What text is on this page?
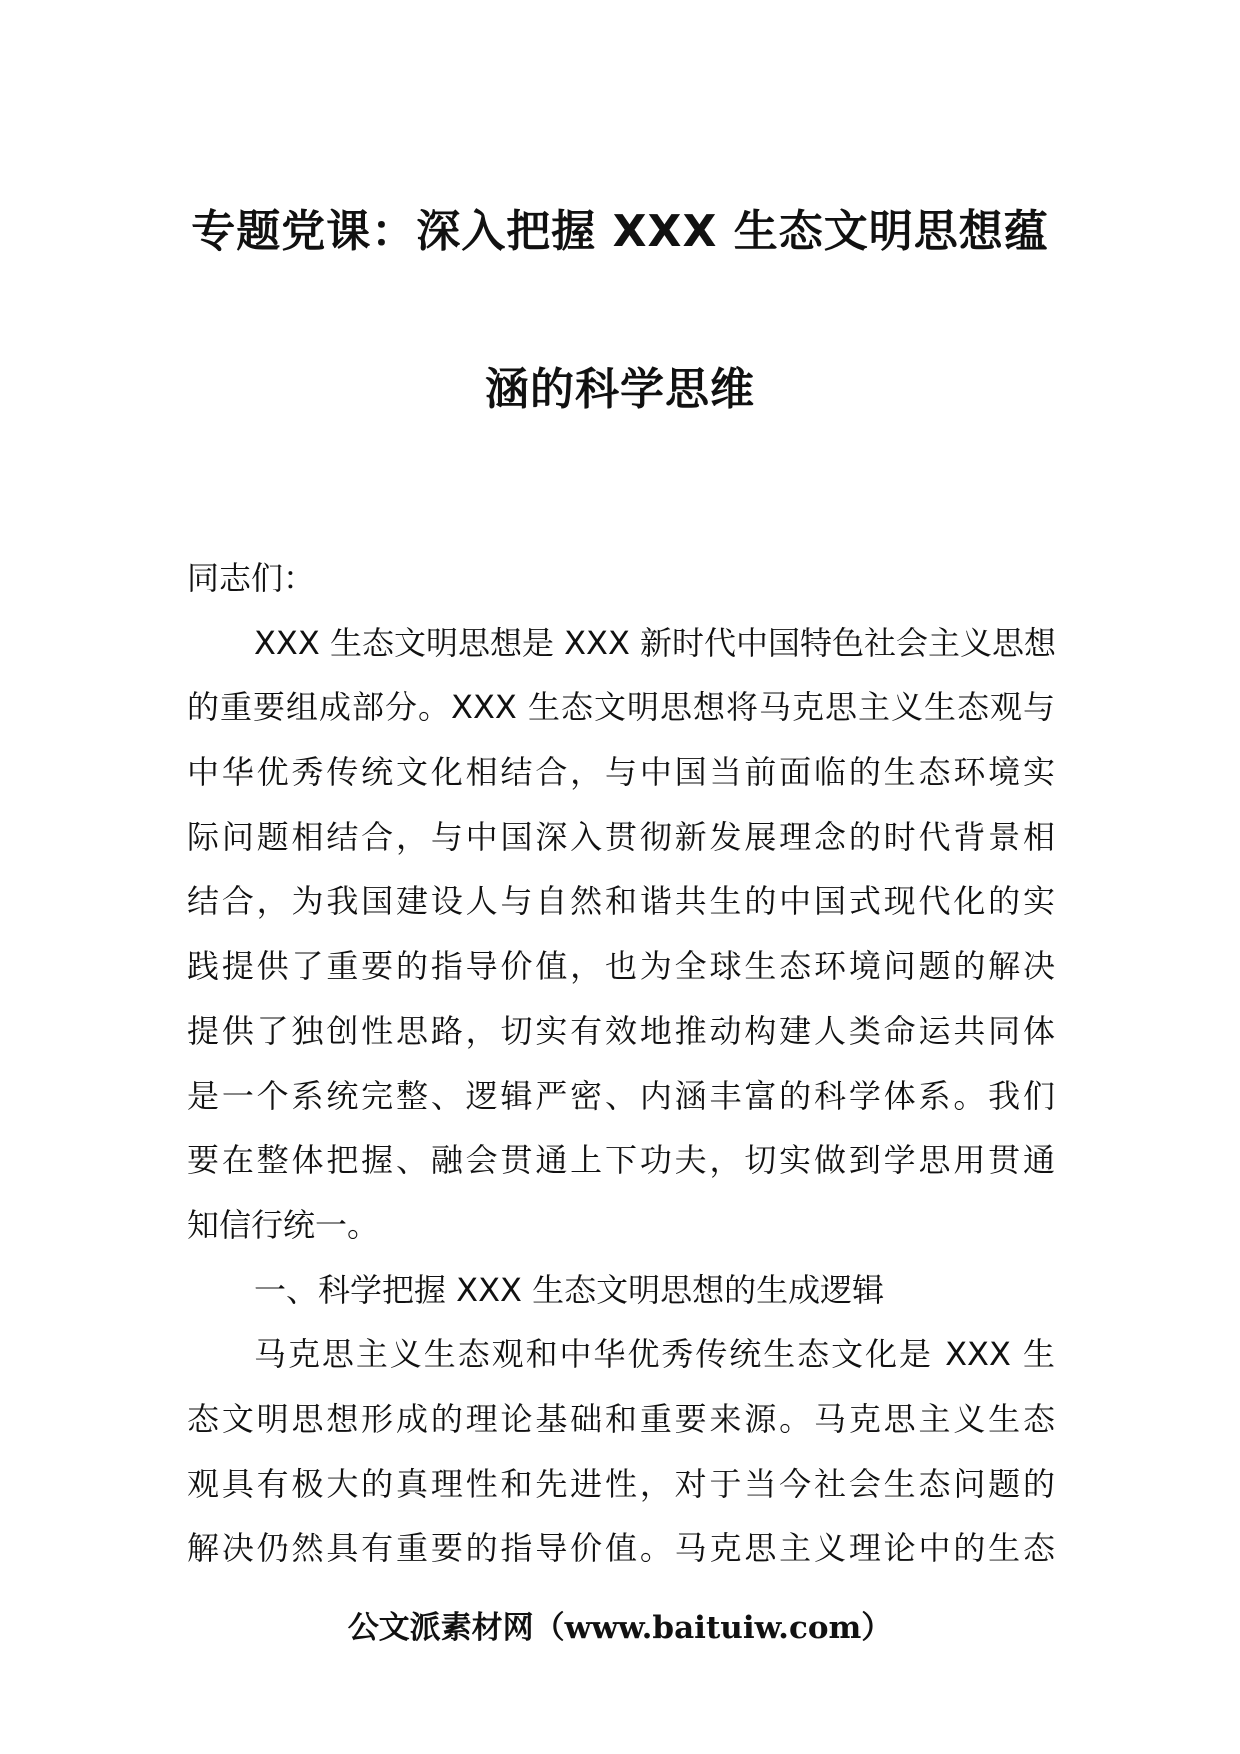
专题党课：深入把握 XXX 生态文明思想蕴
涵的科学思维
同志们：
XXX 生态文明思想是 XXX 新时代中国特色社会主义思想
的重要组成部分。XXX 生态文明思想将马克思主义生态观与
中华优秀传统文化相结合，与中国当前面临的生态环境实
际问题相结合，与中国深入贯彻新发展理念的时代背景相
结合，为我国建设人与自然和谐共生的中国式现代化的实
践提供了重要的指导价值，也为全球生态环境问题的解决
提供了独创性思路，切实有效地推动构建人类命运共同体
是一个系统完整、逻辑严密、内涵丰富的科学体系。我们
要在整体把握、融会贯通上下功夫，切实做到学思用贯通
知信行统一。
一、科学把握 XXX 生态文明思想的生成逻辑
马克思主义生态观和中华优秀传统生态文化是 XXX 生
态文明思想形成的理论基础和重要来源。马克思主义生态
观具有极大的真理性和先进性，对于当今社会生态问题的
解决仍然具有重要的指导价值。马克思主义理论中的生态
公文派素材网（www.baituiw.com）
